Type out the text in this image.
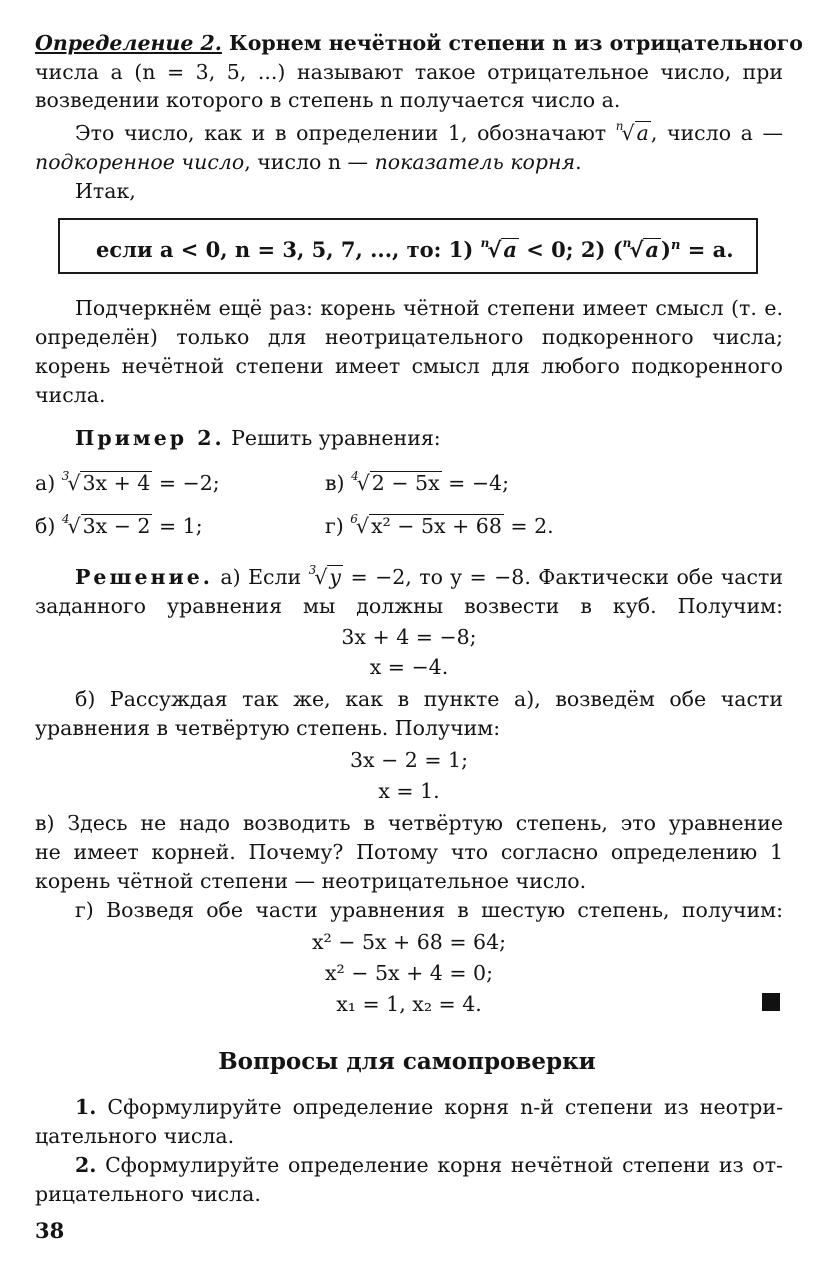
Определение 2. Корнем нечётной степени n из отрицательного
числа a (n = 3, 5, ...) называют такое отрицательное число, при
возведении которого в степень n получается число a.
Это число, как и в определении 1, обозначают $^n$√a, число a —
подкоренное число, число n — показатель корня.
Итак,
если a < 0, n = 3, 5, 7, ..., то: 1) $^n$√a < 0; 2) $(^n√a)^n = a$.
Подчеркнём ещё раз: корень чётной степени имеет смысл (т. е.
определён) только для неотрицательного подкоренного числа;
корень нечётной степени имеет смысл для любого подкоренного
числа.
Пример 2. Решить уравнения:
а) $^3$√3x + 4 = −2;	в) $^4$√2 − 5x = −4;
б) $^4$√3x − 2 = 1;	г) $^6$√x² − 5x + 68 = 2.
Решение. а) Если $^3$√y = −2, то y = −8. Фактически обе части
заданного уравнения мы должны возвести в куб. Получим:
3x + 4 = −8;
x = −4.
б) Рассуждая так же, как в пункте а), возведём обе части
уравнения в четвёртую степень. Получим:
3x − 2 = 1;
x = 1.
в) Здесь не надо возводить в четвёртую степень, это уравнение
не имеет корней. Почему? Потому что согласно определению 1
корень чётной степени — неотрицательное число.
г) Возведя обе части уравнения в шестую степень, получим:
x² − 5x + 68 = 64;
x² − 5x + 4 = 0;
x₁ = 1, x₂ = 4.
Вопросы для самопроверки
1. Сформулируйте определение корня n-й степени из неотри-
цательного числа.
2. Сформулируйте определение корня нечётной степени из от-
рицательного числа.
38
